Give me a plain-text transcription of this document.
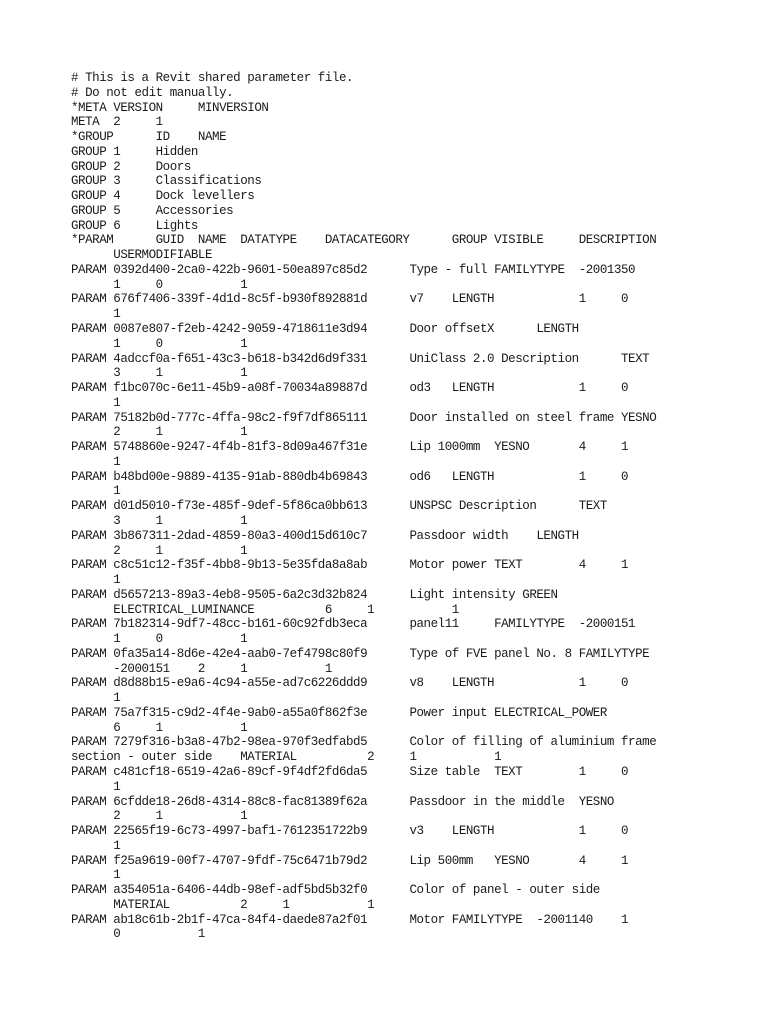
# This is a Revit shared parameter file.
# Do not edit manually.
*META VERSION     MINVERSION
META  2     1
*GROUP      ID    NAME
GROUP 1     Hidden
GROUP 2     Doors
GROUP 3     Classifications
GROUP 4     Dock levellers
GROUP 5     Accessories
GROUP 6     Lights
*PARAM      GUID  NAME  DATATYPE    DATACATEGORY      GROUP VISIBLE     DESCRIPTION
USERMODIFIABLE
PARAM 0392d400-2ca0-422b-9601-50ea897c85d2      Type - full FAMILYTYPE  -2001350
1     0           1
PARAM 676f7406-339f-4d1d-8c5f-b930f892881d      v7    LENGTH            1     0
1
PARAM 0087e807-f2eb-4242-9059-4718611e3d94      Door offsetX      LENGTH
1     0           1
PARAM 4adccf0a-f651-43c3-b618-b342d6d9f331      UniClass 2.0 Description      TEXT
3     1           1
PARAM f1bc070c-6e11-45b9-a08f-70034a89887d      od3   LENGTH            1     0
1
PARAM 75182b0d-777c-4ffa-98c2-f9f7df865111      Door installed on steel frame YESNO
2     1           1
PARAM 5748860e-9247-4f4b-81f3-8d09a467f31e      Lip 1000mm  YESNO       4     1
1
PARAM b48bd00e-9889-4135-91ab-880db4b69843      od6   LENGTH            1     0
1
PARAM d01d5010-f73e-485f-9def-5f86ca0bb613      UNSPSC Description      TEXT
3     1           1
PARAM 3b867311-2dad-4859-80a3-400d15d610c7      Passdoor width    LENGTH
2     1           1
PARAM c8c51c12-f35f-4bb8-9b13-5e35fda8a8ab      Motor power TEXT        4     1
1
PARAM d5657213-89a3-4eb8-9505-6a2c3d32b824      Light intensity GREEN
ELECTRICAL_LUMINANCE          6     1           1
PARAM 7b182314-9df7-48cc-b161-60c92fdb3eca      panel11     FAMILYTYPE  -2000151
1     0           1
PARAM 0fa35a14-8d6e-42e4-aab0-7ef4798c80f9      Type of FVE panel No. 8 FAMILYTYPE
-2000151    2     1           1
PARAM d8d88b15-e9a6-4c94-a55e-ad7c6226ddd9      v8    LENGTH            1     0
1
PARAM 75a7f315-c9d2-4f4e-9ab0-a55a0f862f3e      Power input ELECTRICAL_POWER
6     1           1
PARAM 7279f316-b3a8-47b2-98ea-970f3edfabd5      Color of filling of aluminium frame
section - outer side    MATERIAL          2     1           1
PARAM c481cf18-6519-42a6-89cf-9f4df2fd6da5      Size table  TEXT        1     0
1
PARAM 6cfdde18-26d8-4314-88c8-fac81389f62a      Passdoor in the middle  YESNO
2     1           1
PARAM 22565f19-6c73-4997-baf1-7612351722b9      v3    LENGTH            1     0
1
PARAM f25a9619-00f7-4707-9fdf-75c6471b79d2      Lip 500mm   YESNO       4     1
1
PARAM a354051a-6406-44db-98ef-adf5bd5b32f0      Color of panel - outer side
MATERIAL          2     1           1
PARAM ab18c61b-2b1f-47ca-84f4-daede87a2f01      Motor FAMILYTYPE  -2001140    1
0           1
